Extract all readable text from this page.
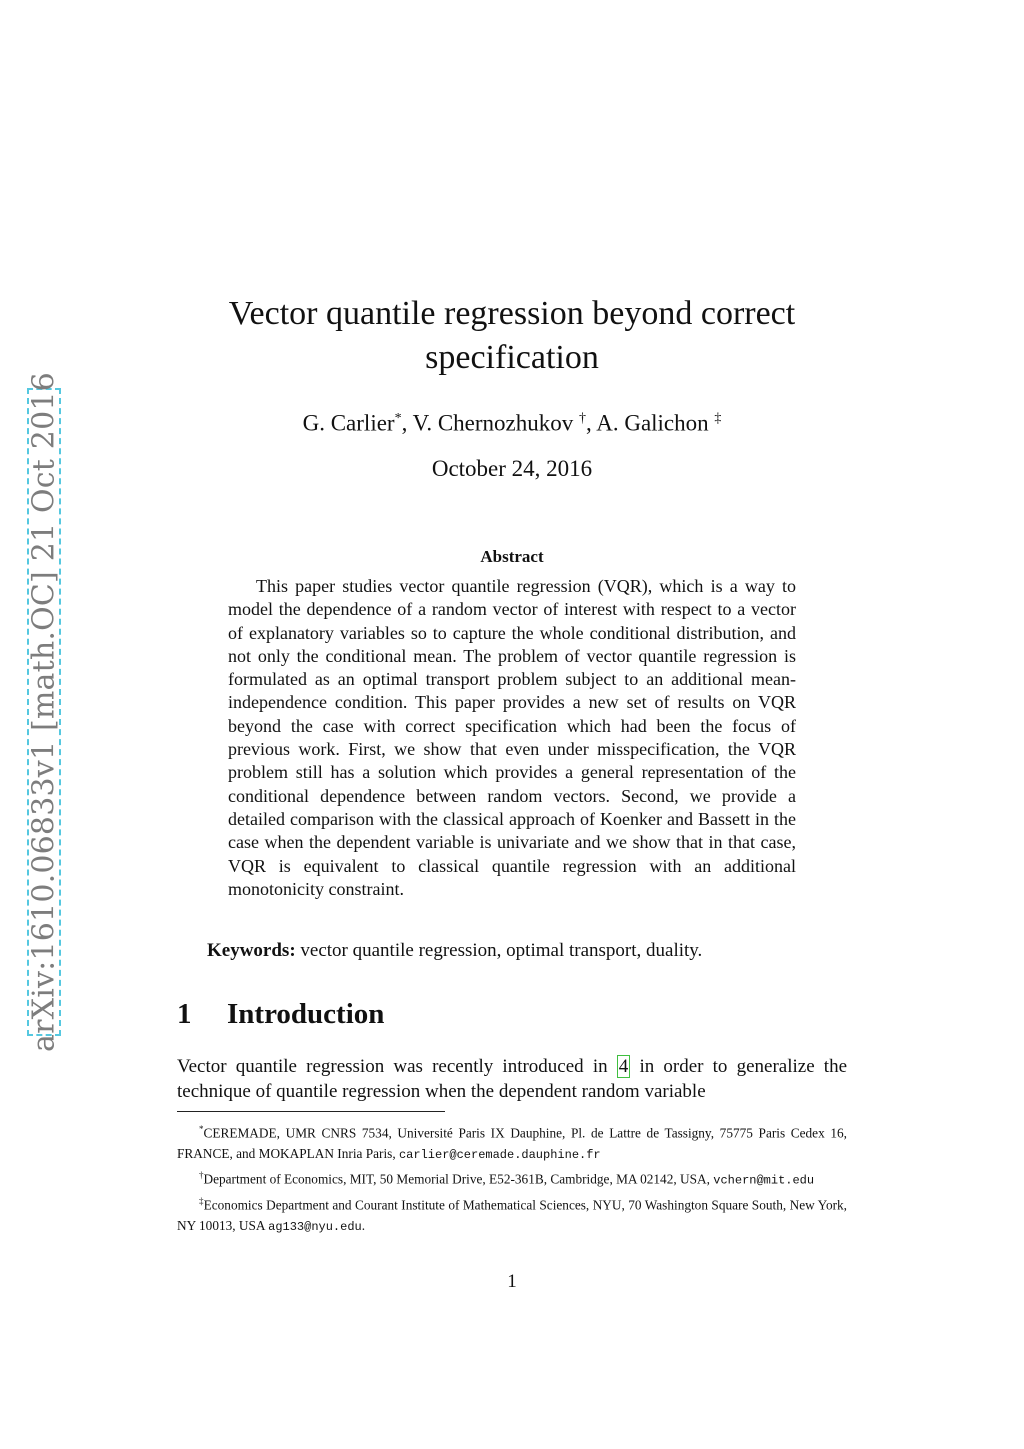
arXiv:1610.06833v1 [math.OC] 21 Oct 2016
Vector quantile regression beyond correct specification
G. Carlier*, V. Chernozhukov †, A. Galichon ‡
October 24, 2016
Abstract
This paper studies vector quantile regression (VQR), which is a way to model the dependence of a random vector of interest with respect to a vector of explanatory variables so to capture the whole conditional distribution, and not only the conditional mean. The problem of vector quantile regression is formulated as an optimal transport problem subject to an additional mean-independence condition. This paper provides a new set of results on VQR beyond the case with correct specification which had been the focus of previous work. First, we show that even under misspecification, the VQR problem still has a solution which provides a general representation of the conditional dependence between random vectors. Second, we provide a detailed comparison with the classical approach of Koenker and Bassett in the case when the dependent variable is univariate and we show that in that case, VQR is equivalent to classical quantile regression with an additional monotonicity constraint.
Keywords: vector quantile regression, optimal transport, duality.
1 Introduction
Vector quantile regression was recently introduced in 4 in order to generalize the technique of quantile regression when the dependent random variable

*CEREMADE, UMR CNRS 7534, Université Paris IX Dauphine, Pl. de Lattre de Tassigny, 75775 Paris Cedex 16, FRANCE, and MOKAPLAN Inria Paris, carlier@ceremade.dauphine.fr

†Department of Economics, MIT, 50 Memorial Drive, E52-361B, Cambridge, MA 02142, USA, vchern@mit.edu

‡Economics Department and Courant Institute of Mathematical Sciences, NYU, 70 Washington Square South, New York, NY 10013, USA ag133@nyu.edu.

1
